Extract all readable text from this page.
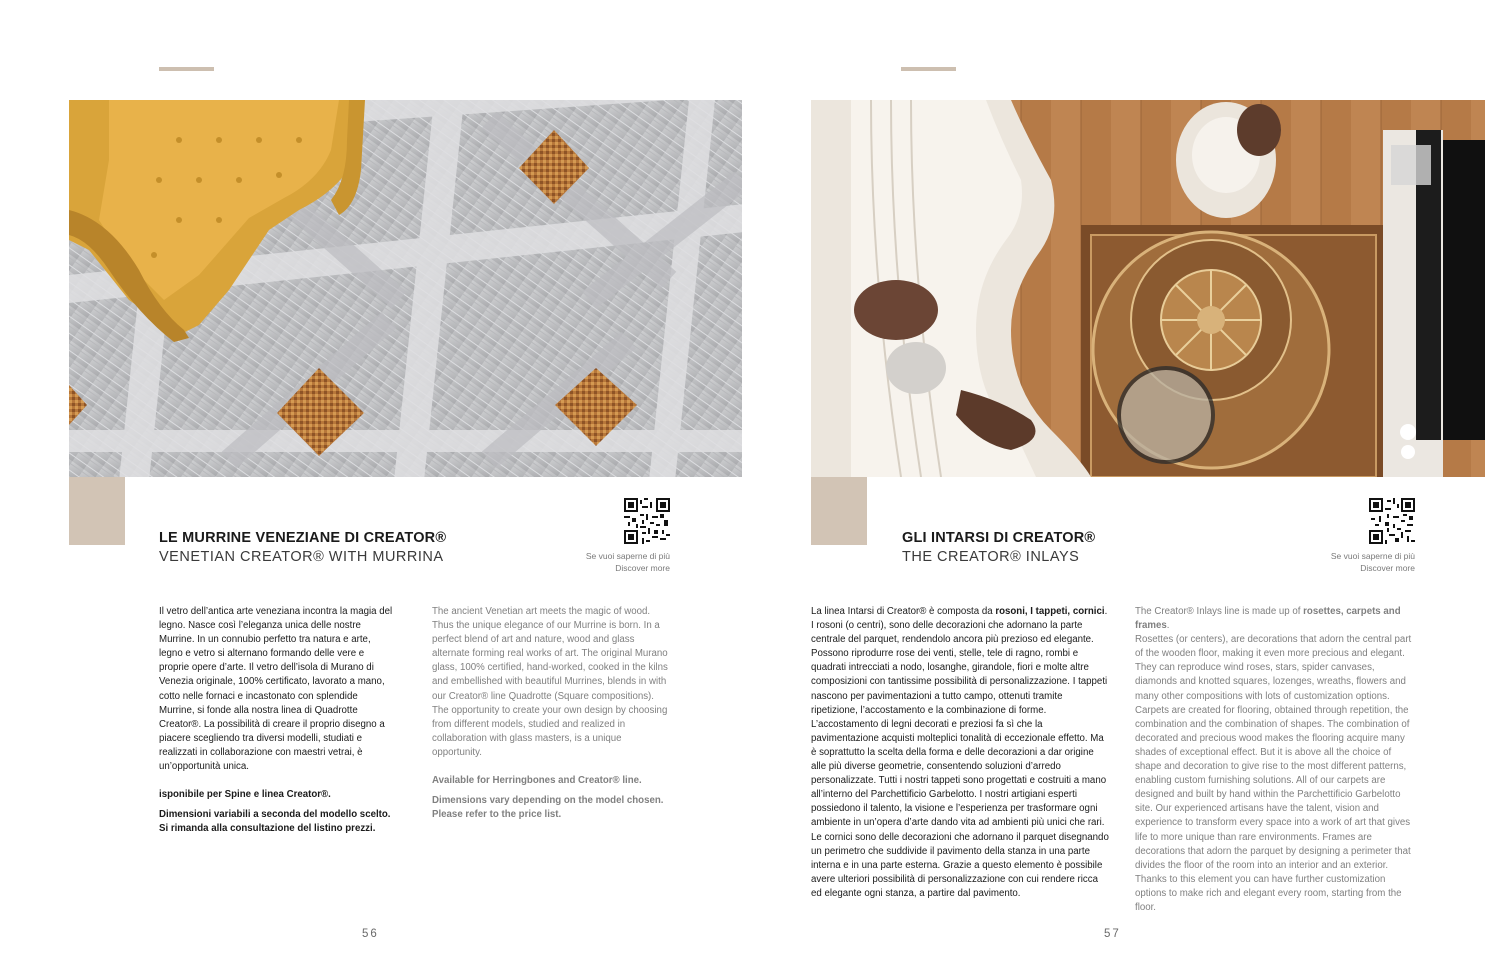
LE MURRINE VENEZIANE DI CREATOR®
VENETIAN CREATOR® WITH MURRINA	Se vuoi saperne di più
Discover more

Il vetro dell’antica arte veneziana incontra la magia del legno. Nasce così l’eleganza unica delle nostre Murrine. In un connubio perfetto tra natura e arte, legno e vetro si alternano formando delle vere e proprie opere d’arte. Il vetro dell’isola di Murano di Venezia originale, 100% certificato, lavorato a mano, cotto nelle fornaci e incastonato con splendide Murrine, si fonde alla nostra linea di Quadrotte Creator®. La possibilità di creare il proprio disegno a piacere scegliendo tra diversi modelli, studiati e realizzati in collaborazione con maestri vetrai, è un’opportunità unica.

isponibile per Spine e linea Creator®.

Dimensioni variabili a seconda del modello scelto. Si rimanda alla consultazione del listino prezzi.

The ancient Venetian art meets the magic of wood. Thus the unique elegance of our Murrine is born. In a perfect blend of art and nature, wood and glass alternate forming real works of art. The original Murano glass, 100% certified, hand-worked, cooked in the kilns and embellished with beautiful Murrines, blends in with our Creator® line Quadrotte (Square compositions). The opportunity to create your own design by choosing from different models, studied and realized in collaboration with glass masters, is a unique opportunity.

Available for Herringbones and Creator® line.

Dimensions vary depending on the model chosen. Please refer to the price list.

56
GLI INTARSI DI CREATOR®
THE CREATOR® INLAYS	Se vuoi saperne di più
Discover more

La linea Intarsi di Creator® è composta da rosoni, I tappeti, cornici.

I rosoni (o centri), sono delle decorazioni che adornano la parte centrale del parquet, rendendolo ancora più prezioso ed elegante. Possono riprodurre rose dei venti, stelle, tele di ragno, rombi e quadrati intrecciati a nodo, losanghe, girandole, fiori e molte altre composizioni con tantissime possibilità di personalizzazione. I tappeti nascono per pavimentazioni a tutto campo, ottenuti tramite ripetizione, l’accostamento e la combinazione di forme. L’accostamento di legni decorati e preziosi fa sì che la pavimentazione acquisti molteplici tonalità di eccezionale effetto. Ma è soprattutto la scelta della forma e delle decorazioni a dar origine alle più diverse geometrie, consentendo soluzioni d’arredo personalizzate. Tutti i nostri tappeti sono progettati e costruiti a mano all’interno del Parchettificio Garbelotto. I nostri artigiani esperti possiedono il talento, la visione e l’esperienza per trasformare ogni ambiente in un’opera d’arte dando vita ad ambienti più unici che rari. Le cornici sono delle decorazioni che adornano il parquet disegnando un perimetro che suddivide il pavimento della stanza in una parte interna e in una parte esterna. Grazie a questo elemento è possibile avere ulteriori possibilità di personalizzazione con cui rendere ricca ed elegante ogni stanza, a partire dal pavimento.

The Creator® Inlays line is made up of rosettes, carpets and frames.

Rosettes (or centers), are decorations that adorn the central part of the wooden floor, making it even more precious and elegant. They can reproduce wind roses, stars, spider canvases, diamonds and knotted squares, lozenges, wreaths, flowers and many other compositions with lots of customization options. Carpets are created for flooring, obtained through repetition, the combination and the combination of shapes. The combination of decorated and precious wood makes the flooring acquire many shades of exceptional effect. But it is above all the choice of shape and decoration to give rise to the most different patterns, enabling custom furnishing solutions. All of our carpets are designed and built by hand within the Parchettificio Garbelotto site. Our experienced artisans have the talent, vision and experience to transform every space into a work of art that gives life to more unique than rare environments. Frames are decorations that adorn the parquet by designing a perimeter that divides the floor of the room into an interior and an exterior. Thanks to this element you can have further customization options to make rich and elegant every room, starting from the floor.

57
